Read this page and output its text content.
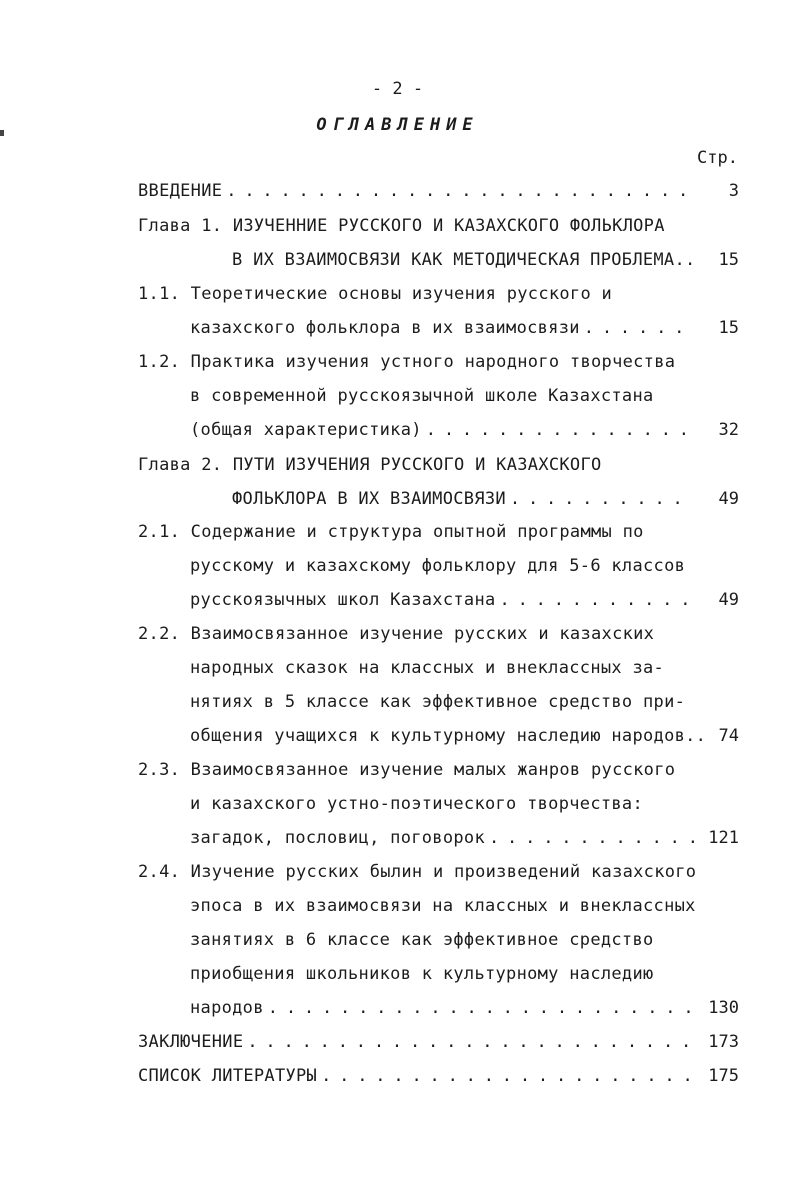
- 2 -
ОГЛАВЛЕНИЕ
Стр.
ВВЕДЕНИЕ . . .	3
Глава 1. ИЗУЧЕННИЕ РУССКОГО И КАЗАХСКОГО ФОЛЬКЛОРА
В ИХ ВЗАИМОСВЯЗИ КАК МЕТОДИЧЕСКАЯ ПРОБЛЕМА..	15
1.1. Теоретические основы изучения русского и
казахского фольклора в их взаимосвязи . . .	15
1.2. Практика изучения устного народного творчества
в современной русскоязычной школе Казахстана
(общая характеристика) . . .	32
Глава 2. ПУТИ ИЗУЧЕНИЯ РУССКОГО И КАЗАХСКОГО
ФОЛЬКЛОРА В ИХ ВЗАИМОСВЯЗИ . . .	49
2.1. Содержание и структура опытной программы по
русскому и казахскому фольклору для 5-6 классов
русскоязычных школ Казахстана . . .	49
2.2. Взаимосвязанное изучение русских и казахских
народных сказок на классных и внеклассных за-
нятиях в 5 классе как эффективное средство при-
общения учащихся к культурному наследию народов.. 74
2.3. Взаимосвязанное изучение малых жанров русского
и казахского устно-поэтического творчества:
загадок, пословиц, поговорок . . .	121
2.4. Изучение русских былин и произведений казахского
эпоса в их взаимосвязи на классных и внеклассных
занятиях в 6 классе как эффективное средство
приобщения школьников к культурному наследию
народов . . .	130
ЗАКЛЮЧЕНИЕ . . .	173
СПИСОК ЛИТЕРАТУРЫ . . .	175
